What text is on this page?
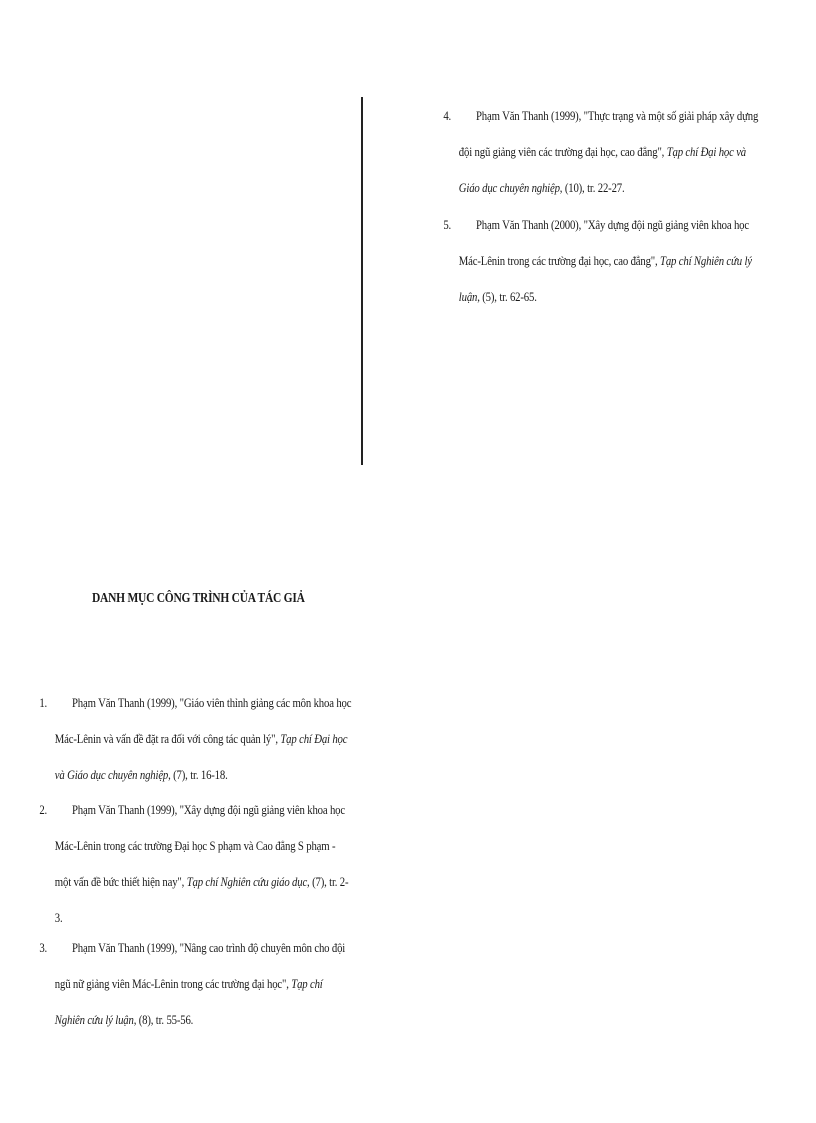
4. Phạm Văn Thanh (1999), "Thực trạng và một số giải pháp xây dựng
đội ngũ giảng viên các trường đại học, cao đẳng", Tạp chí Đại học và
Giáo dục chuyên nghiệp, (10), tr. 22-27.
5. Phạm Văn Thanh (2000), "Xây dựng đội ngũ giảng viên khoa học
Mác-Lênin trong các trường đại học, cao đẳng", Tạp chí Nghiên cứu lý
luận, (5), tr. 62-65.
DANH MỤC CÔNG TRÌNH CỦA TÁC GIẢ
1. Phạm Văn Thanh (1999), "Giáo viên thỉnh giảng các môn khoa học
Mác-Lênin và vấn đề đặt ra đối với công tác quản lý", Tạp chí Đại học
và Giáo dục chuyên nghiệp, (7), tr. 16-18.
2. Phạm Văn Thanh (1999), "Xây dựng đội ngũ giảng viên khoa học
Mác-Lênin trong các trường Đại học S phạm và Cao đẳng S phạm -
một vấn đề bức thiết hiện nay", Tạp chí Nghiên cứu giáo dục, (7), tr. 2-
3.
3. Phạm Văn Thanh (1999), "Nâng cao trình độ chuyên môn cho đội
ngũ nữ giảng viên Mác-Lênin trong các trường đại học", Tạp chí
Nghiên cứu lý luận, (8), tr. 55-56.
